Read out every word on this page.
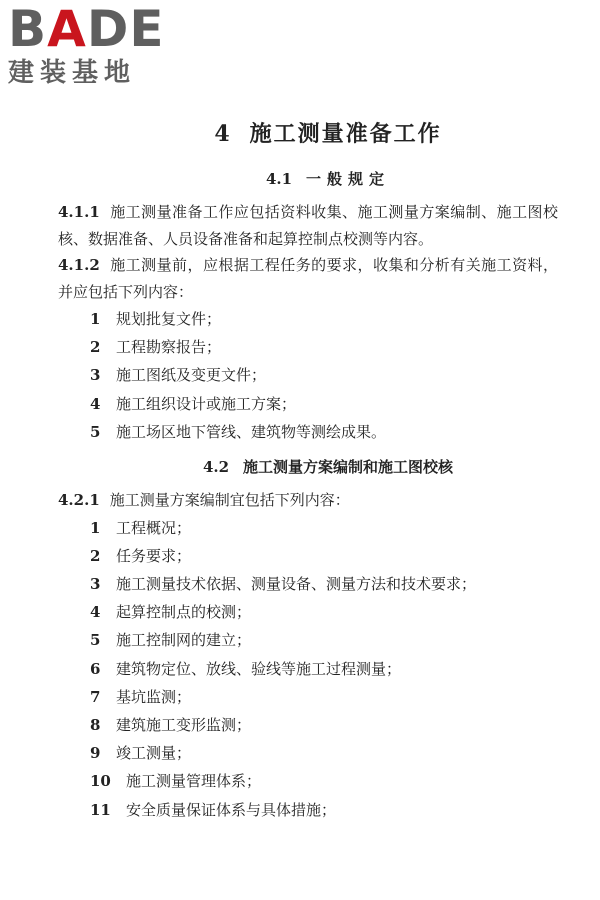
BADE
建装基地
4 施工测量准备工作
4.1 一般规定

4.1.1 施工测量准备工作应包括资料收集、施工测量方案编制、施工图校核、数据准备、人员设备准备和起算控制点校测等内容。

4.1.2 施工测量前，应根据工程任务的要求，收集和分析有关施工资料，并应包括下列内容：

1 规划批复文件；

2 工程勘察报告；

3 施工图纸及变更文件；

4 施工组织设计或施工方案；

5 施工场区地下管线、建筑物等测绘成果。

4.2 施工测量方案编制和施工图校核

4.2.1 施工测量方案编制宜包括下列内容：

1 工程概况；

2 任务要求；

3 施工测量技术依据、测量设备、测量方法和技术要求；

4 起算控制点的校测；

5 施工控制网的建立；

6 建筑物定位、放线、验线等施工过程测量；

7 基坑监测；

8 建筑施工变形监测；

9 竣工测量；

10 施工测量管理体系；

11 安全质量保证体系与具体措施；
